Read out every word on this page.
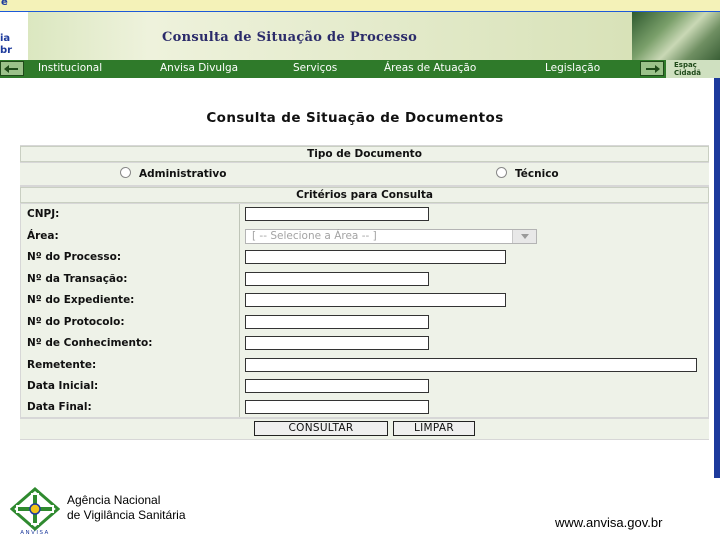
e
ia
br
Consulta de Situação de Processo
Institucional	Anvisa Divulga	Serviços	Áreas de Atuação	Legislação	Espaç
Cidadã
Consulta de Situação de Documentos
Tipo de Documento
Administrativo	Técnico
Critérios para Consulta
CNPJ:
Área:	[ -- Selecione a Área -- ]
Nº do Processo:
Nº da Transação:
Nº do Expediente:
Nº do Protocolo:
Nº de Conhecimento:
Remetente:
Data Inicial:
Data Final:
CONSULTAR	LIMPAR
ANVISA
Agência Nacional
de Vigilância Sanitária	www.anvisa.gov.br
